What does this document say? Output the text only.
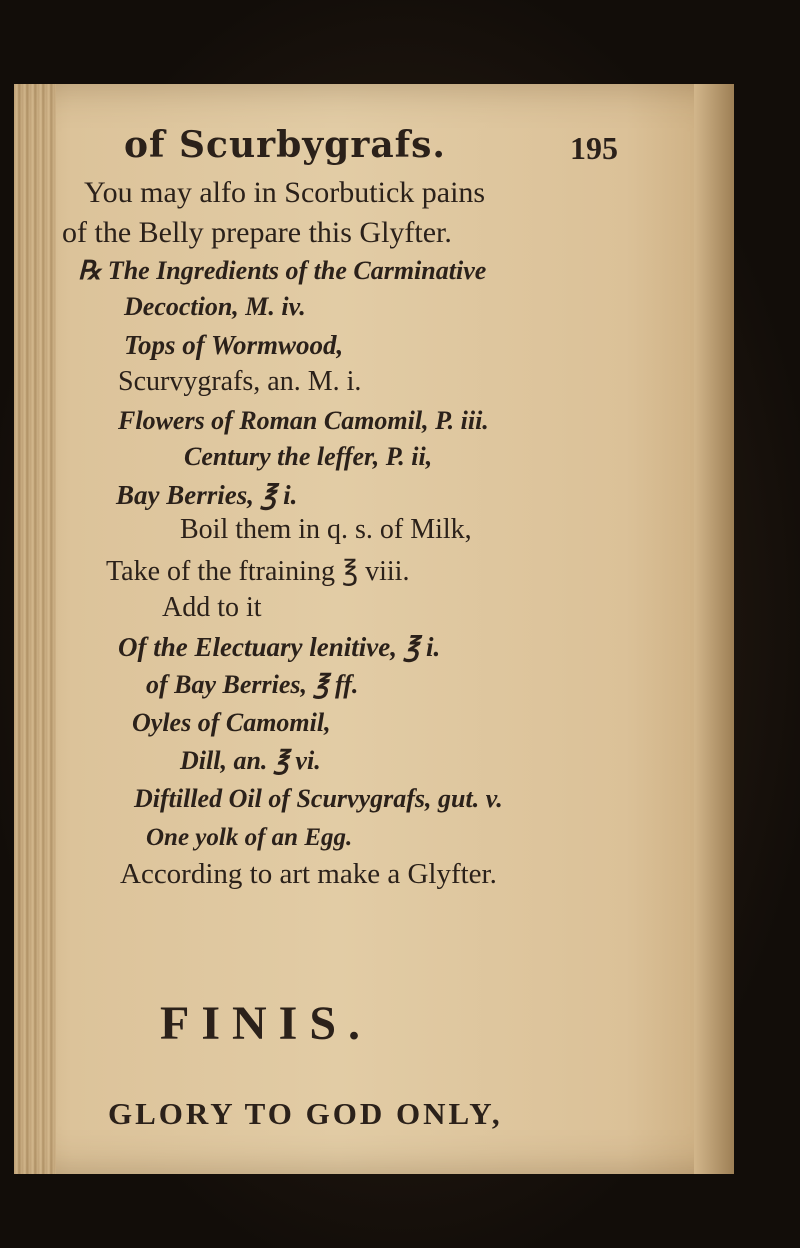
of Scurbygrafs.	195
You may alfo in Scorbutick pains
of the Belly prepare this Glyfter.
℞ The Ingredients of the Carminative
Decoction, M. iv.
Tops of Wormwood,
Scurvygrafs, an. M. i.
Flowers of Roman Camomil, P. iii.
Century the leffer, P. ii,
Bay Berries, ℥ i.
Boil them in q. s. of Milk,
Take of the ftraining ℥ viii.
Add to it
Of the Electuary lenitive, ℥ i.
of Bay Berries, ℥ ff.
Oyles of Camomil,
Dill, an. ℥ vi.
Diftilled Oil of Scurvygrafs, gut. v.
One yolk of an Egg.
According to art make a Glyfter.
FINIS.
GLORY TO GOD ONLY,
